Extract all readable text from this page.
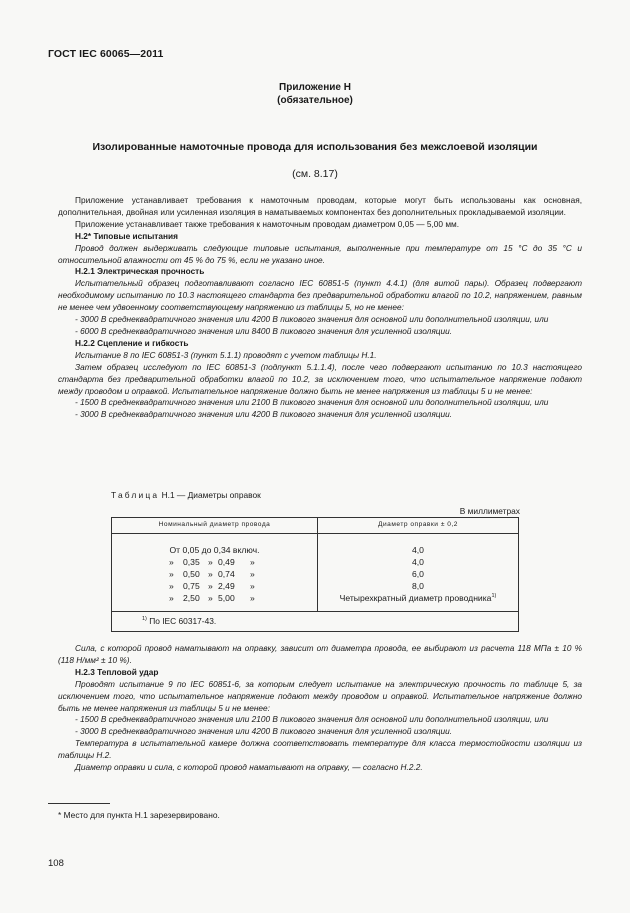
ГОСТ IEC 60065—2011
Приложение Н
(обязательное)
Изолированные намоточные провода для использования без межслоевой изоляции
(см. 8.17)

Приложение устанавливает требования к намоточным проводам, которые могут быть использованы как основная, дополнительная, двойная или усиленная изоляция в наматываемых компонентах без дополнительных прокладываемой изоляции.

Приложение устанавливает также требования к намоточным проводам диаметром 0,05 — 5,00 мм.

Н.2* Типовые испытания

Провод должен выдерживать следующие типовые испытания, выполненные при температуре от 15 °С до 35 °С и относительной влажности от 45 % до 75 %, если не указано иное.

Н.2.1 Электрическая прочность

Испытательный образец подготавливают согласно IEC 60851-5 (пункт 4.4.1) (для витой пары). Образец подвергают необходимому испытанию по 10.3 настоящего стандарта без предварительной обработки влагой по 10.2, напряжением, равным не менее чем удвоенному соответствующему напряжению из таблицы 5, но не менее:

- 3000 В среднеквадратичного значения или 4200 В пикового значения для основной или дополнительной изоляции, или

- 6000 В среднеквадратичного значения или 8400 В пикового значения для усиленной изоляции.

Н.2.2 Сцепление и гибкость

Испытание 8 по IEC 60851-3 (пункт 5.1.1) проводят с учетом таблицы Н.1.

Затем образец исследуют по IEC 60851-3 (подпункт 5.1.1.4), после чего подвергают испытанию по 10.3 настоящего стандарта без предварительной обработки влагой по 10.2, за исключением того, что испытательное напряжение подают между проводом и оправкой. Испытательное напряжение должно быть не менее напряжения из таблицы 5 и не менее:

- 1500 В среднеквадратичного значения или 2100 В пикового значения для основной или дополнительной изоляции, или

- 3000 В среднеквадратичного значения или 4200 В пикового значения для усиленной изоляции.

Таблица Н.1 — Диаметры оправок
В миллиметрах
Номинальный диаметр провода	Диаметр оправки ± 0,2
От 0,05 до 0,34 включ.
» 0,35 » 0,49 »
» 0,50 » 0,74 »
» 0,75 » 2,49 »
» 2,50 » 5,00 »
4,0
4,0
6,0
8,0
Четырехкратный диаметр проводника$^{1)}$
$^{1)}$ По IEC 60317-43.

Сила, с которой провод наматывают на оправку, зависит от диаметра провода, ее выбирают из расчета 118 МПа ± 10 % (118 Н/мм² ± 10 %).

Н.2.3 Тепловой удар

Проводят испытание 9 по IEC 60851-6, за которым следует испытание на электрическую прочность по таблице 5, за исключением того, что испытательное напряжение подают между проводом и оправкой. Испытательное напряжение должно быть не менее напряжения из таблицы 5 и не менее:

- 1500 В среднеквадратичного значения или 2100 В пикового значения для основной или дополнительной изоляции, или

- 3000 В среднеквадратичного значения или 4200 В пикового значения для усиленной изоляции.

Температура в испытательной камере должна соответствовать температуре для класса термостойкости изоляции из таблицы Н.2.

Диаметр оправки и сила, с которой провод наматывают на оправку, — согласно Н.2.2.

* Место для пункта Н.1 зарезервировано.
108
